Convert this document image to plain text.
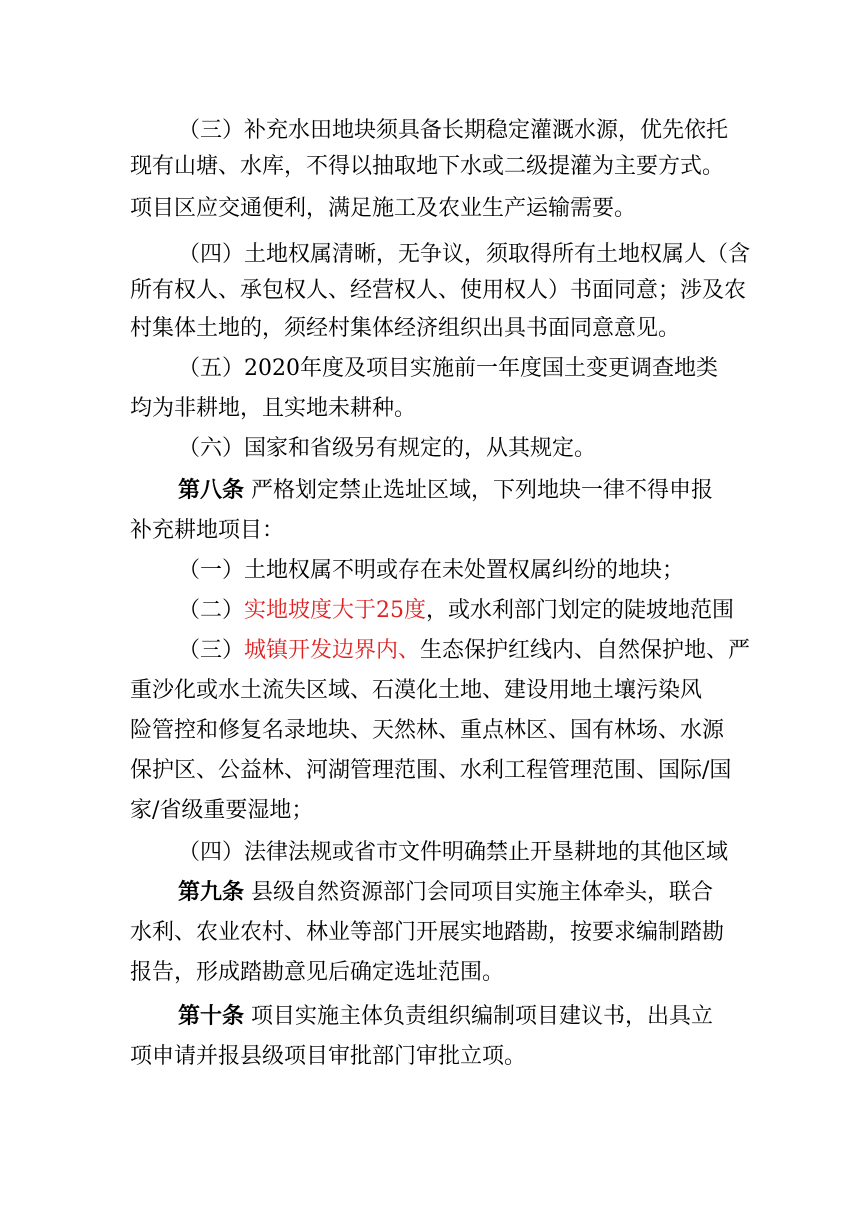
（三）补充水田地块须具备长期稳定灌溉水源，优先依托
现有山塘、水库，不得以抽取地下水或二级提灌为主要方式。
项目区应交通便利，满足施工及农业生产运输需要。
（四）土地权属清晰，无争议，须取得所有土地权属人（含
所有权人、承包权人、经营权人、使用权人）书面同意；涉及农
村集体土地的，须经村集体经济组织出具书面同意意见。
（五）2020年度及项目实施前一年度国土变更调查地类
均为非耕地，且实地未耕种。
（六）国家和省级另有规定的，从其规定。
第八条 严格划定禁止选址区域，下列地块一律不得申报
补充耕地项目：
（一）土地权属不明或存在未处置权属纠纷的地块；
（二）实地坡度大于25度，或水利部门划定的陡坡地范围
（三）城镇开发边界内、生态保护红线内、自然保护地、严
重沙化或水土流失区域、石漠化土地、建设用地土壤污染风
险管控和修复名录地块、天然林、重点林区、国有林场、水源
保护区、公益林、河湖管理范围、水利工程管理范围、国际/国
家/省级重要湿地；
（四）法律法规或省市文件明确禁止开垦耕地的其他区域
第九条 县级自然资源部门会同项目实施主体牵头，联合
水利、农业农村、林业等部门开展实地踏勘，按要求编制踏勘
报告，形成踏勘意见后确定选址范围。
第十条 项目实施主体负责组织编制项目建议书，出具立
项申请并报县级项目审批部门审批立项。
